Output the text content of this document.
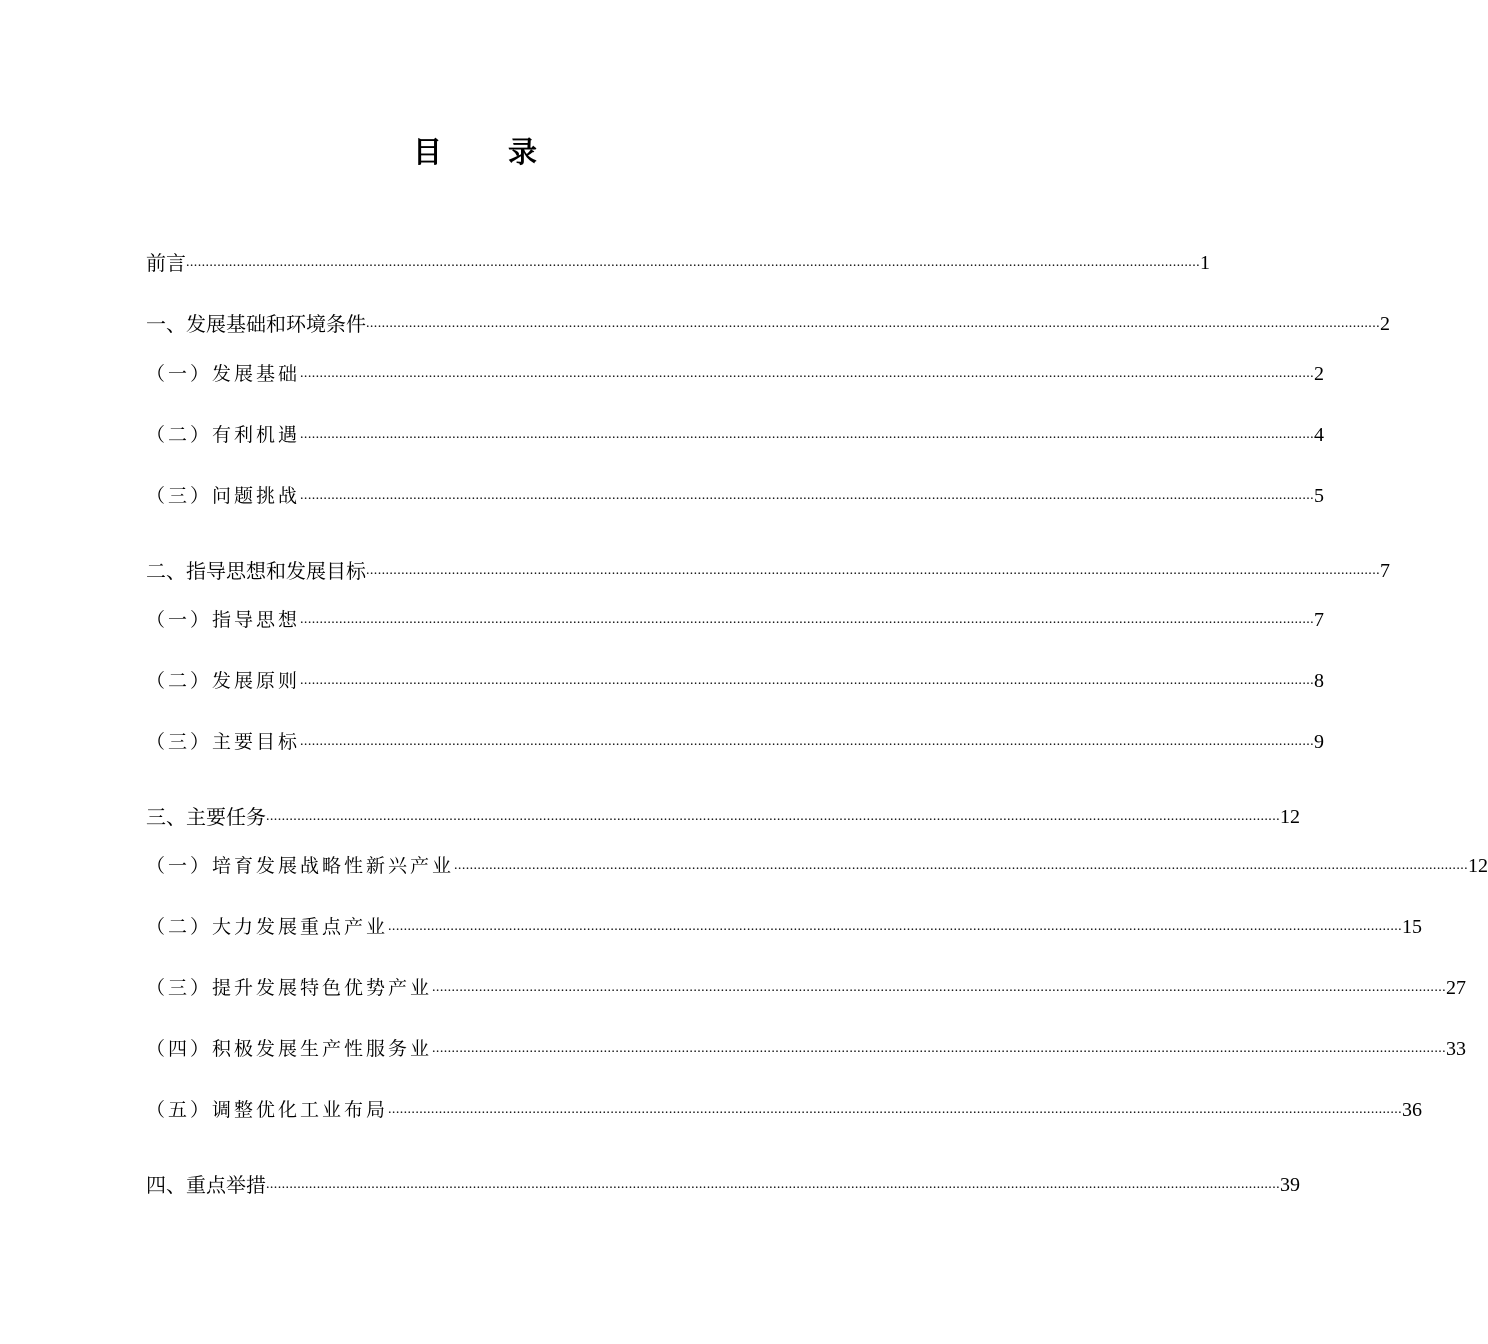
目 录
前言 .................................................................................................................................................................................................................................................................... 1
一、发展基础和环境条件 .................................................................................................................................................................................................................................................................... 2
（一）发展基础 .................................................................................................................................................................................................................................................................... 2
（二）有利机遇 .................................................................................................................................................................................................................................................................... 4
（三）问题挑战 .................................................................................................................................................................................................................................................................... 5
二、指导思想和发展目标 .................................................................................................................................................................................................................................................................... 7
（一）指导思想 .................................................................................................................................................................................................................................................................... 7
（二）发展原则 .................................................................................................................................................................................................................................................................... 8
（三）主要目标 .................................................................................................................................................................................................................................................................... 9
三、主要任务 .................................................................................................................................................................................................................................................................... 12
（一）培育发展战略性新兴产业 .................................................................................................................................................................................................................................................................... 12
（二）大力发展重点产业 .................................................................................................................................................................................................................................................................... 15
（三）提升发展特色优势产业 .................................................................................................................................................................................................................................................................... 27
（四）积极发展生产性服务业 .................................................................................................................................................................................................................................................................... 33
（五）调整优化工业布局 .................................................................................................................................................................................................................................................................... 36
四、重点举措 .................................................................................................................................................................................................................................................................... 39
